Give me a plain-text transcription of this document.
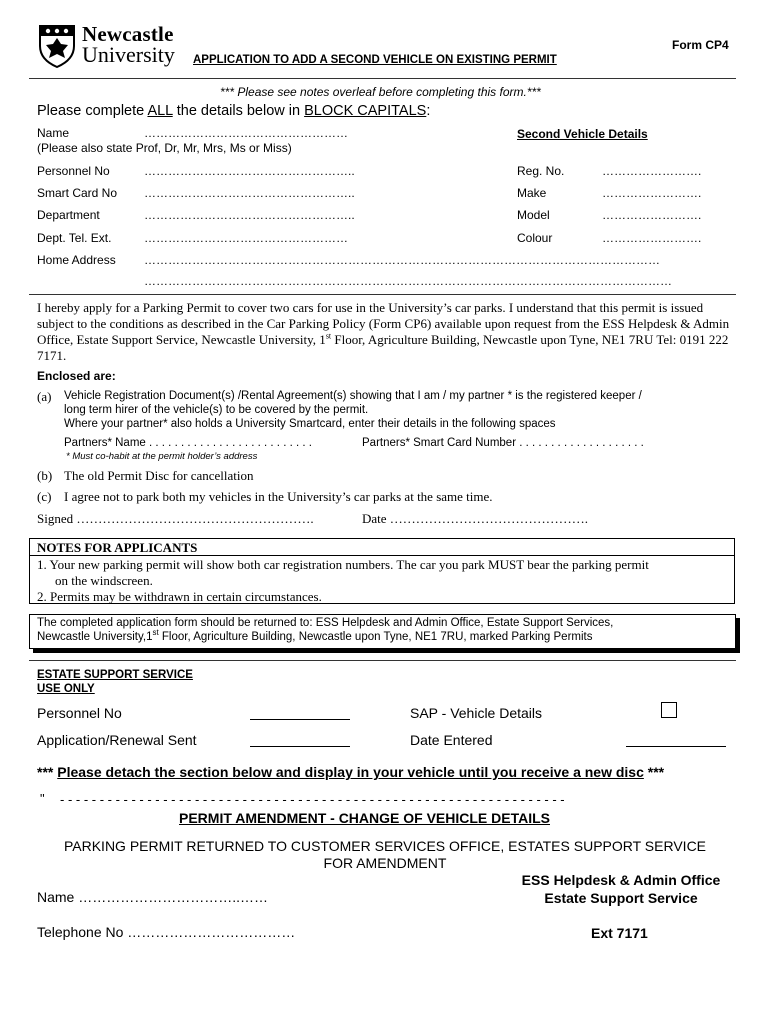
Newcastle
University	Form CP4
APPLICATION TO ADD A SECOND VEHICLE ON EXISTING PERMIT
*** Please see notes overleaf before completing this form.***
Please complete ALL the details below in BLOCK CAPITALS:
Name	……………………………………………
(Please also state Prof, Dr, Mr, Mrs, Ms or Miss)
Personnel No	……………………………………………..
Smart Card No ……………………………………………..
Department	……………………………………………..
Dept. Tel. Ext.	……………………………………………
Home Address …………………………………………………………………………………………………………………
……………………………………………………………………………………………………………………
Second Vehicle Details
Reg. No.	…………………….
Make	…………………….
Model	…………………….
Colour	…………………….
I hereby apply for a Parking Permit to cover two cars for use in the University’s car parks. I understand that this permit is issued subject to the conditions as described in the Car Parking Policy (Form CP6) available upon request from the ESS Helpdesk & Admin Office, Estate Support Service, Newcastle University, 1st Floor, Agriculture Building, Newcastle upon Tyne, NE1 7RU Tel: 0191 222 7171.
Enclosed are:
(a) Vehicle Registration Document(s) /Rental Agreement(s) showing that I am / my partner * is the registered keeper /
long term hirer of the vehicle(s) to be covered by the permit.
Where your partner* also holds a University Smartcard, enter their details in the following spaces
Partners* Name . . . . . . . . . . . . . . . . . . . . . . . . . .	Partners* Smart Card Number . . . . . . . . . . . . . . . . . . . .
* Must co-habit at the permit holder’s address
(b) The old Permit Disc for cancellation
(c) I agree not to park both my vehicles in the University’s car parks at the same time.
Signed ……………………………………………….	Date ……………………………………….
NOTES FOR APPLICANTS
1. Your new parking permit will show both car registration numbers. The car you park MUST bear the parking permit
on the windscreen.
2. Permits may be withdrawn in certain circumstances.
The completed application form should be returned to: ESS Helpdesk and Admin Office, Estate Support Services,
Newcastle University,1st Floor, Agriculture Building, Newcastle upon Tyne, NE1 7RU, marked Parking Permits
ESTATE SUPPORT SERVICE
USE ONLY
Personnel No	SAP - Vehicle Details
Application/Renewal Sent	Date Entered
*** Please detach the section below and display in your vehicle until you receive a new disc ***
" - - - - - - - - - - - - - - - - - - - - - - - - - - - - - - - - - - - - - - - - - - - - - - - - - - - - - - - - - - - - - - - -
PERMIT AMENDMENT - CHANGE OF VEHICLE DETAILS
PARKING PERMIT RETURNED TO CUSTOMER SERVICES OFFICE, ESTATES SUPPORT SERVICE
FOR AMENDMENT
Name ……………………………..……
Telephone No ………………………………
ESS Helpdesk & Admin Office
Estate Support Service
Ext 7171
